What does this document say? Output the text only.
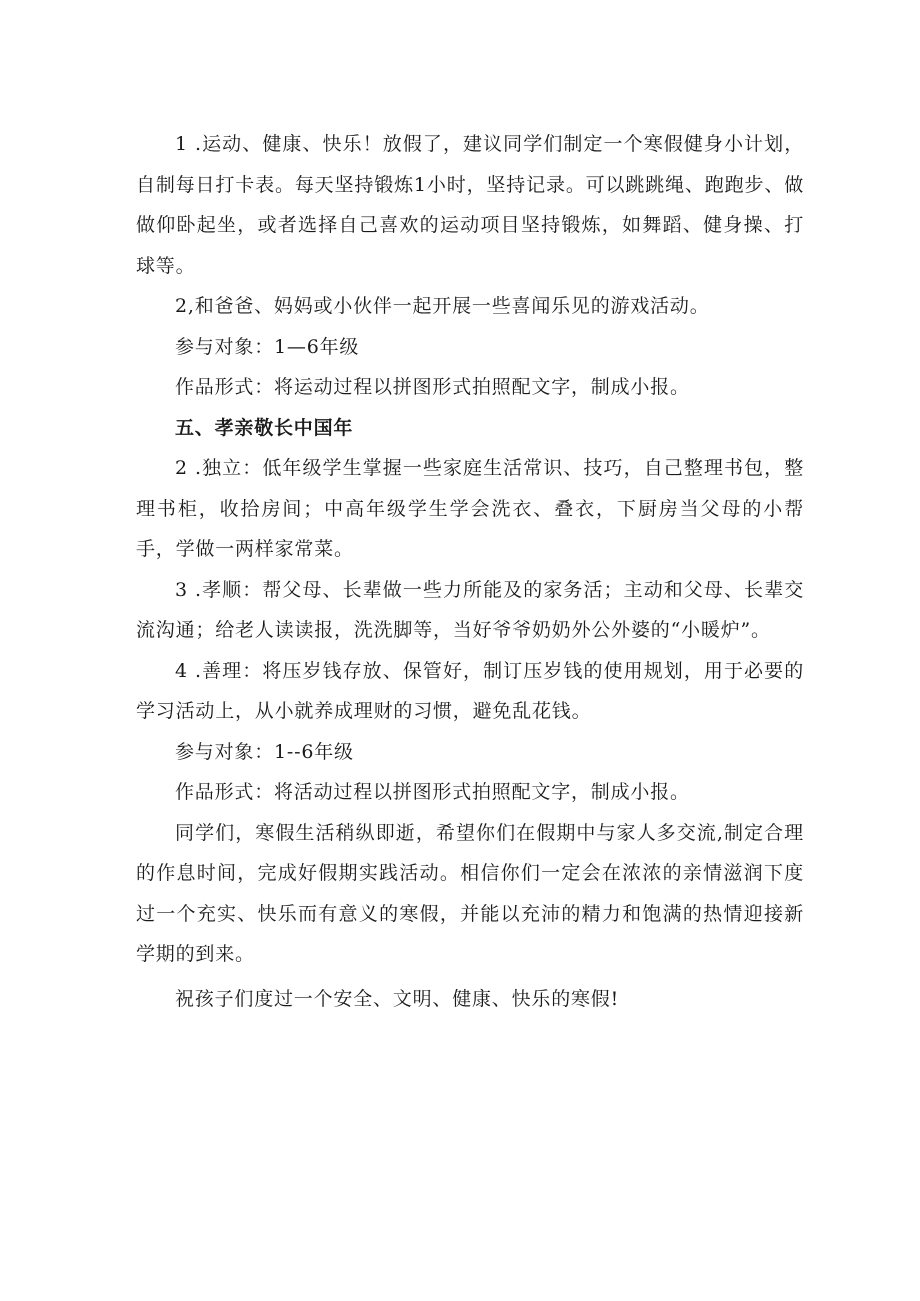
1 .运动、健康、快乐！放假了，建议同学们制定一个寒假健身小计划，自制每日打卡表。每天坚持锻炼1小时，坚持记录。可以跳跳绳、跑跑步、做做仰卧起坐，或者选择自己喜欢的运动项目坚持锻炼，如舞蹈、健身操、打球等。

2,和爸爸、妈妈或小伙伴一起开展一些喜闻乐见的游戏活动。

参与对象：1—6年级

作品形式：将运动过程以拼图形式拍照配文字，制成小报。

五、孝亲敬长中国年

2 .独立：低年级学生掌握一些家庭生活常识、技巧，自己整理书包，整理书柜，收拾房间；中高年级学生学会洗衣、叠衣，下厨房当父母的小帮手，学做一两样家常菜。

3 .孝顺：帮父母、长辈做一些力所能及的家务活；主动和父母、长辈交流沟通；给老人读读报，洗洗脚等，当好爷爷奶奶外公外婆的“小暖炉”。

4 .善理：将压岁钱存放、保管好，制订压岁钱的使用规划，用于必要的学习活动上，从小就养成理财的习惯，避免乱花钱。

参与对象：1--6年级

作品形式：将活动过程以拼图形式拍照配文字，制成小报。

同学们，寒假生活稍纵即逝，希望你们在假期中与家人多交流,制定合理的作息时间，完成好假期实践活动。相信你们一定会在浓浓的亲情滋润下度过一个充实、快乐而有意义的寒假，并能以充沛的精力和饱满的热情迎接新学期的到来。

祝孩子们度过一个安全、文明、健康、快乐的寒假!
